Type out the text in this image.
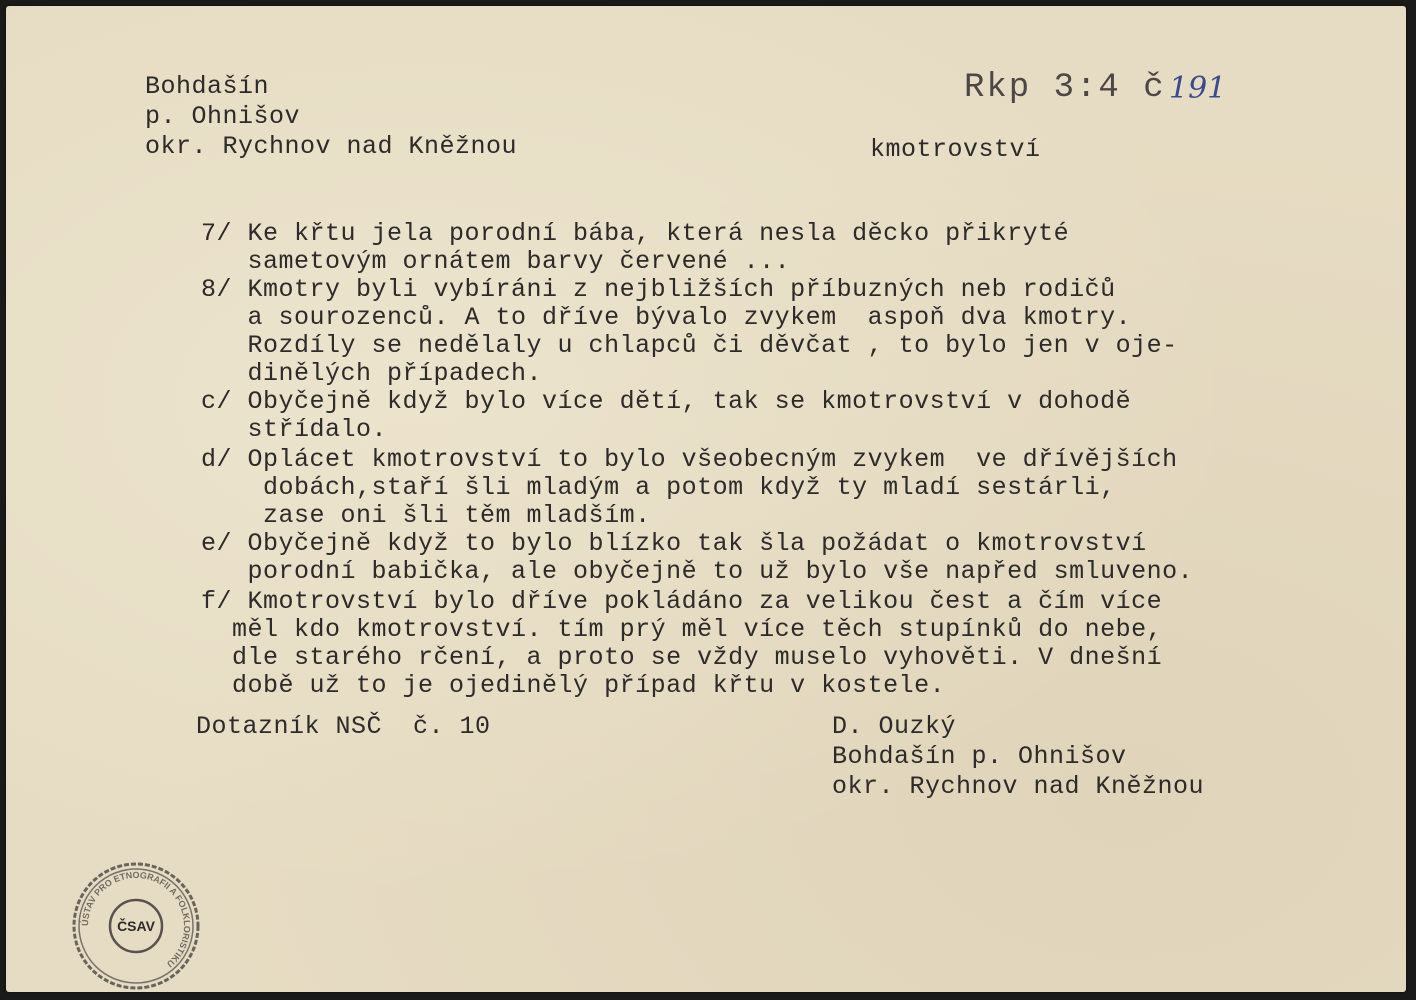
Bohdašín
p. Ohnišov
okr. Rychnov nad Kněžnou
Rkp 3:4 č 191
kmotrovství
7/ Ke křtu jela porodní bába, která nesla děcko přikryté
sametovým ornátem barvy červené ...
8/ Kmotry byli vybíráni z nejbližších příbuzných neb rodičů
a sourozenců. A to dříve bývalo zvykem  aspoň dva kmotry.
Rozdíly se nedělaly u chlapců či děvčat , to bylo jen v oje-
dinělých případech.
c/ Obyčejně když bylo více dětí, tak se kmotrovství v dohodě
střídalo.
d/ Oplácet kmotrovství to bylo všeobecným zvykem  ve dřívějších
dobách,staří šli mladým a potom když ty mladí sestárli,
zase oni šli těm mladším.
e/ Obyčejně když to bylo blízko tak šla požádat o kmotrovství
porodní babička, ale obyčejně to už bylo vše napřed smluveno.
f/ Kmotrovství bylo dříve pokládáno za velikou čest a čím více
měl kdo kmotrovství. tím prý měl více těch stupínků do nebe,
dle starého rčení, a proto se vždy muselo vyhověti. V dnešní
době už to je ojedinělý případ křtu v kostele.
Dotazník NSČ  č. 10	D. Ouzký
Bohdašín p. Ohnišov
okr. Rychnov nad Kněžnou
ÚSTAV PRO ETNOGRAFII A FOLKLORISTIKU
ČSAV
